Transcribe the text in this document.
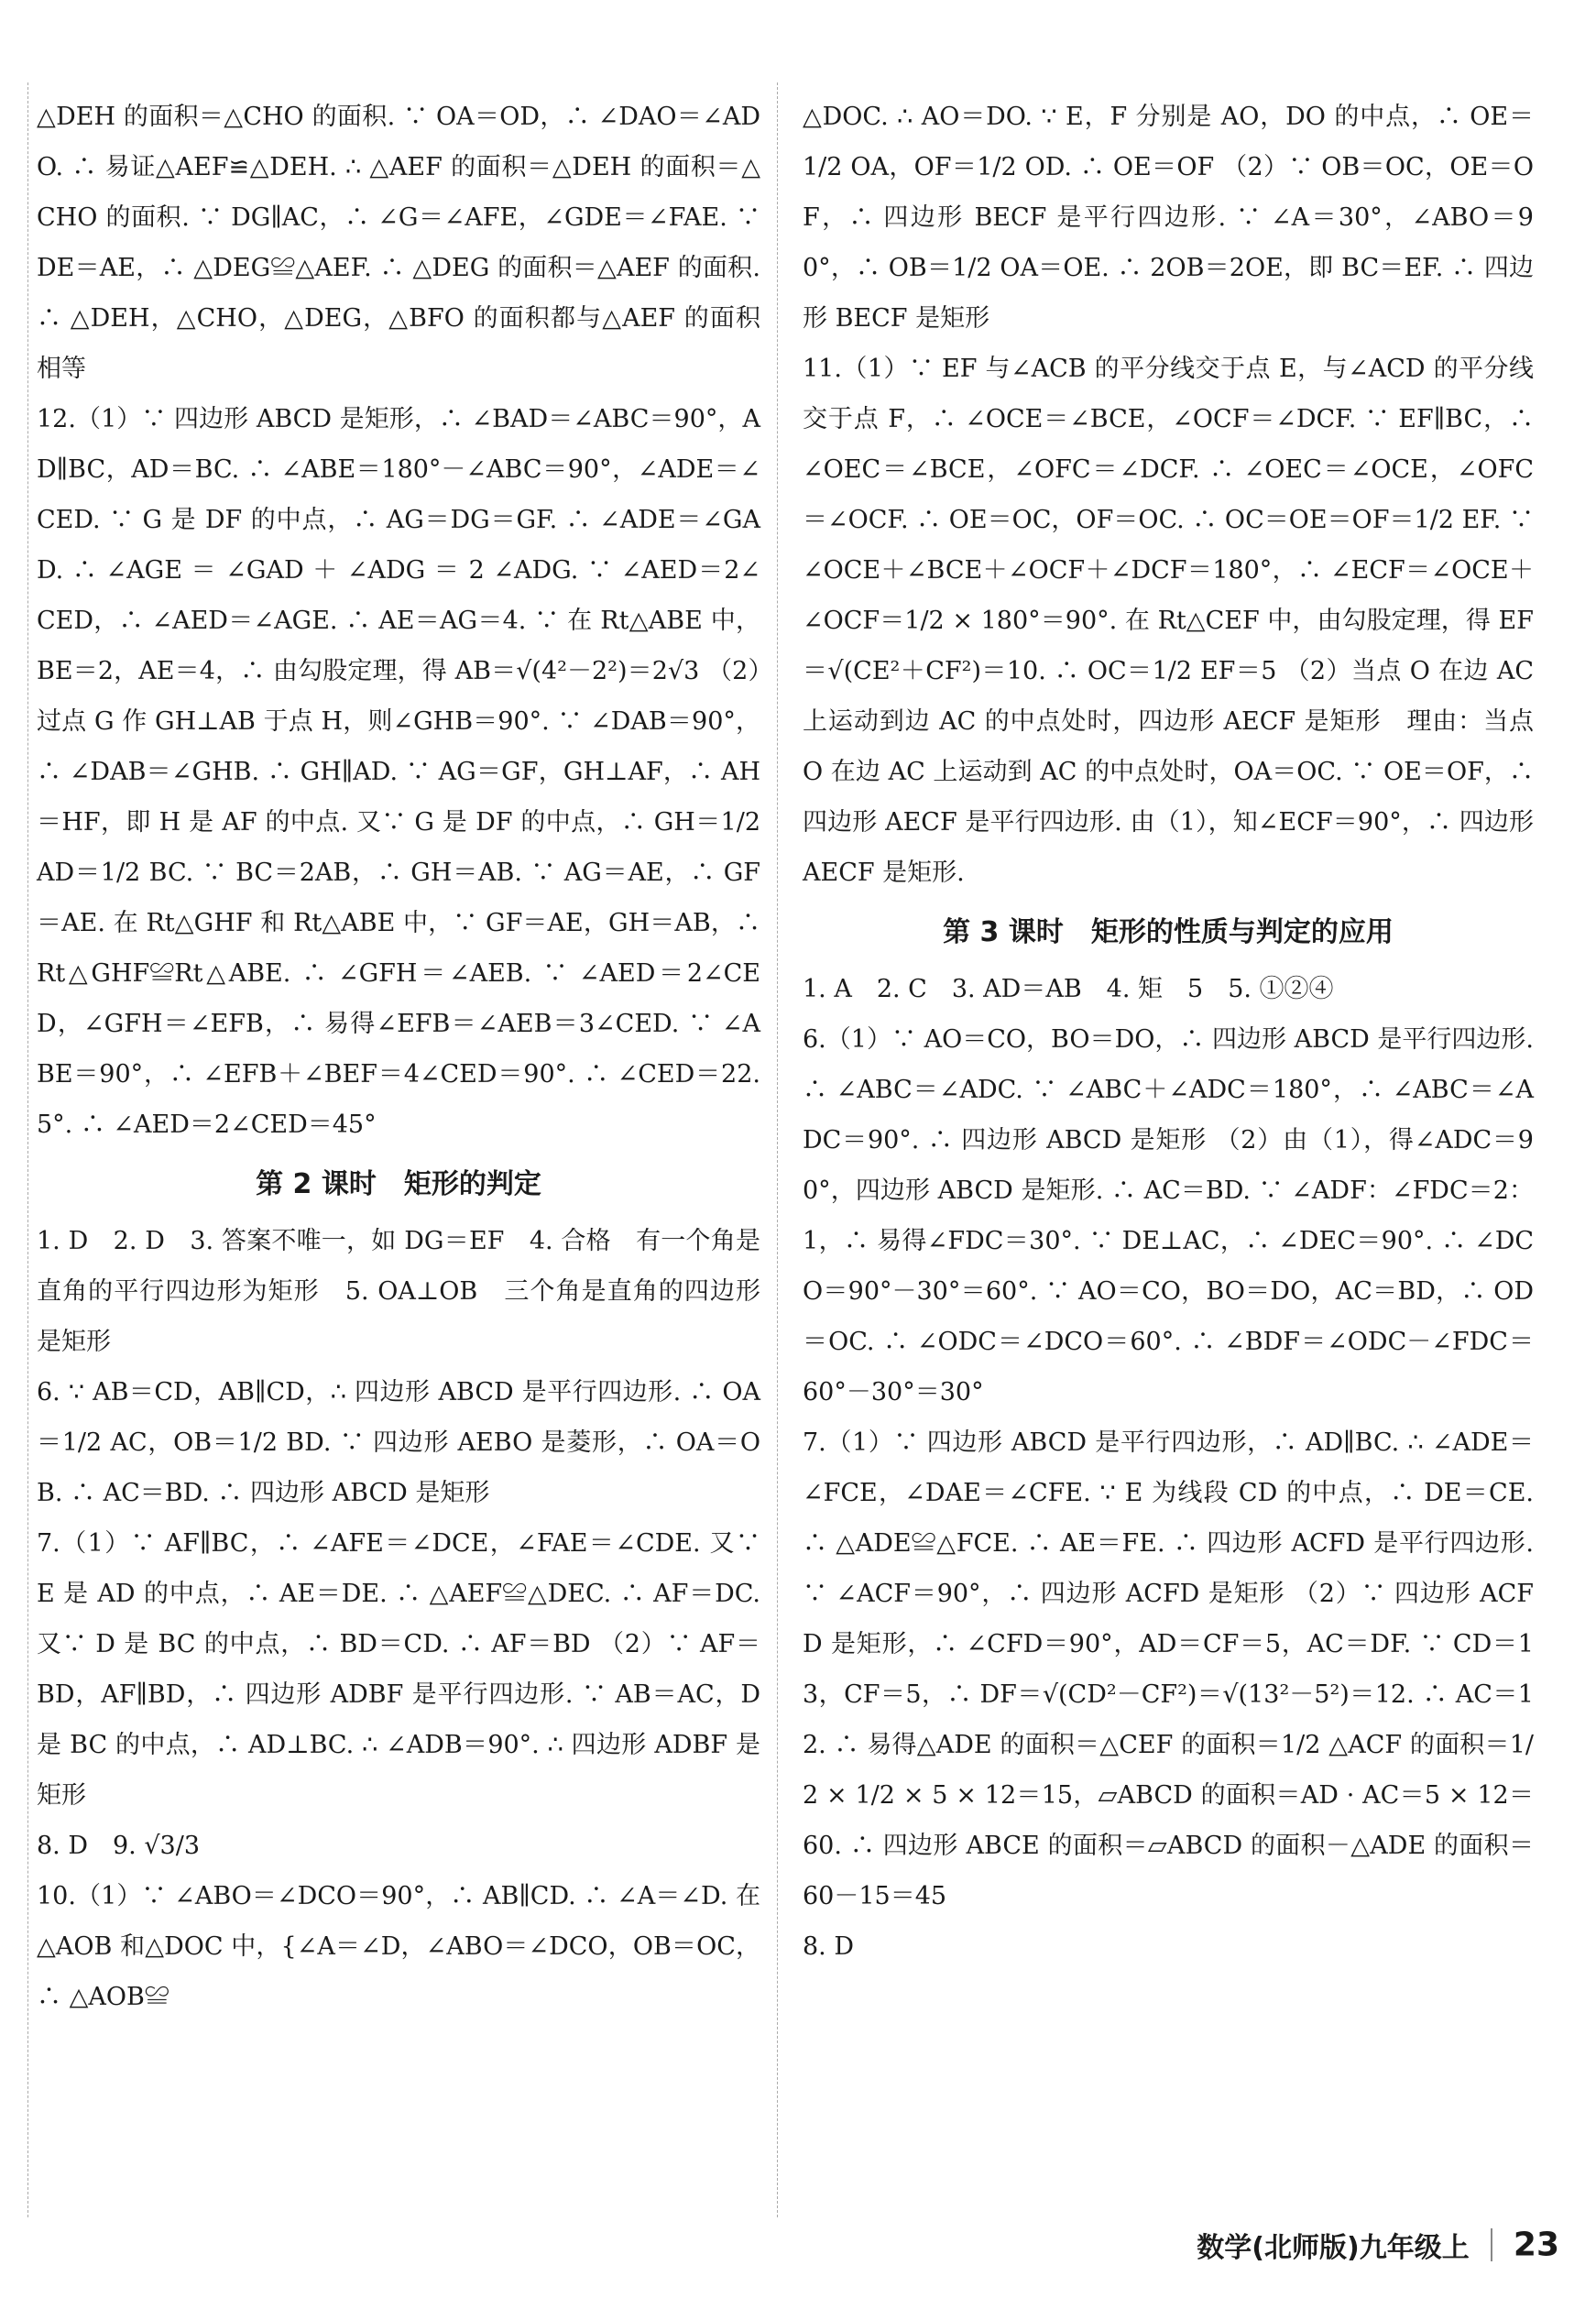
△DEH 的面积＝△CHO 的面积. ∵ OA＝OD，∴ ∠DAO＝∠ADO. ∴ 易证△AEF≌△DEH. ∴ △AEF 的面积＝△DEH 的面积＝△CHO 的面积. ∵ DG∥AC，∴ ∠G＝∠AFE，∠GDE＝∠FAE. ∵ DE＝AE，∴ △DEG≌△AEF. ∴ △DEG 的面积＝△AEF 的面积. ∴ △DEH，△CHO，△DEG，△BFO 的面积都与△AEF 的面积相等
12.（1）∵ 四边形 ABCD 是矩形，∴ ∠BAD＝∠ABC＝90°，AD∥BC，AD＝BC. ∴ ∠ABE＝180°－∠ABC＝90°，∠ADE＝∠CED. ∵ G 是 DF 的中点，∴ AG＝DG＝GF. ∴ ∠ADE＝∠GAD. ∴ ∠AGE ＝ ∠GAD ＋ ∠ADG ＝ 2 ∠ADG. ∵ ∠AED＝2∠CED，∴ ∠AED＝∠AGE. ∴ AE＝AG＝4. ∵ 在 Rt△ABE 中，BE＝2，AE＝4，∴ 由勾股定理，得 AB＝√(4²－2²)＝2√3 （2）过点 G 作 GH⊥AB 于点 H，则∠GHB＝90°. ∵ ∠DAB＝90°，∴ ∠DAB＝∠GHB. ∴ GH∥AD. ∵ AG＝GF，GH⊥AF，∴ AH＝HF，即 H 是 AF 的中点. 又∵ G 是 DF 的中点，∴ GH＝1/2 AD＝1/2 BC. ∵ BC＝2AB，∴ GH＝AB. ∵ AG＝AE，∴ GF＝AE. 在 Rt△GHF 和 Rt△ABE 中，∵ GF＝AE，GH＝AB，∴ Rt△GHF≌Rt△ABE. ∴ ∠GFH＝∠AEB. ∵ ∠AED＝2∠CED，∠GFH＝∠EFB，∴ 易得∠EFB＝∠AEB＝3∠CED. ∵ ∠ABE＝90°，∴ ∠EFB＋∠BEF＝4∠CED＝90°. ∴ ∠CED＝22.5°. ∴ ∠AED＝2∠CED＝45°
第 2 课时　矩形的判定
1. D　2. D　3. 答案不唯一，如 DG＝EF　4. 合格　有一个角是直角的平行四边形为矩形　5. OA⊥OB　三个角是直角的四边形是矩形
6. ∵ AB＝CD，AB∥CD，∴ 四边形 ABCD 是平行四边形. ∴ OA＝1/2 AC，OB＝1/2 BD. ∵ 四边形 AEBO 是菱形，∴ OA＝OB. ∴ AC＝BD. ∴ 四边形 ABCD 是矩形
7.（1）∵ AF∥BC，∴ ∠AFE＝∠DCE，∠FAE＝∠CDE. 又∵ E 是 AD 的中点，∴ AE＝DE. ∴ △AEF≌△DEC. ∴ AF＝DC. 又∵ D 是 BC 的中点，∴ BD＝CD. ∴ AF＝BD （2）∵ AF＝BD，AF∥BD，∴ 四边形 ADBF 是平行四边形. ∵ AB＝AC，D 是 BC 的中点，∴ AD⊥BC. ∴ ∠ADB＝90°. ∴ 四边形 ADBF 是矩形
8. D　9. √3/3
10.（1）∵ ∠ABO＝∠DCO＝90°，∴ AB∥CD. ∴ ∠A＝∠D. 在△AOB 和△DOC 中，{∠A＝∠D，∠ABO＝∠DCO，OB＝OC，∴ △AOB≌
△DOC. ∴ AO＝DO. ∵ E，F 分别是 AO，DO 的中点，∴ OE＝1/2 OA，OF＝1/2 OD. ∴ OE＝OF （2）∵ OB＝OC，OE＝OF，∴ 四边形 BECF 是平行四边形. ∵ ∠A＝30°，∠ABO＝90°，∴ OB＝1/2 OA＝OE. ∴ 2OB＝2OE，即 BC＝EF. ∴ 四边形 BECF 是矩形
11.（1）∵ EF 与∠ACB 的平分线交于点 E，与∠ACD 的平分线交于点 F，∴ ∠OCE＝∠BCE，∠OCF＝∠DCF. ∵ EF∥BC，∴ ∠OEC＝∠BCE，∠OFC＝∠DCF. ∴ ∠OEC＝∠OCE，∠OFC＝∠OCF. ∴ OE＝OC，OF＝OC. ∴ OC＝OE＝OF＝1/2 EF. ∵ ∠OCE＋∠BCE＋∠OCF＋∠DCF＝180°，∴ ∠ECF＝∠OCE＋∠OCF＝1/2 × 180°＝90°. 在 Rt△CEF 中，由勾股定理，得 EF＝√(CE²＋CF²)＝10. ∴ OC＝1/2 EF＝5 （2）当点 O 在边 AC 上运动到边 AC 的中点处时，四边形 AECF 是矩形　理由：当点 O 在边 AC 上运动到 AC 的中点处时，OA＝OC. ∵ OE＝OF，∴ 四边形 AECF 是平行四边形. 由（1），知∠ECF＝90°，∴ 四边形 AECF 是矩形.
第 3 课时　矩形的性质与判定的应用
1. A　2. C　3. AD＝AB　4. 矩　5　5. ①②④
6.（1）∵ AO＝CO，BO＝DO，∴ 四边形 ABCD 是平行四边形. ∴ ∠ABC＝∠ADC. ∵ ∠ABC＋∠ADC＝180°，∴ ∠ABC＝∠ADC＝90°. ∴ 四边形 ABCD 是矩形 （2）由（1），得∠ADC＝90°，四边形 ABCD 是矩形. ∴ AC＝BD. ∵ ∠ADF：∠FDC＝2：1，∴ 易得∠FDC＝30°. ∵ DE⊥AC，∴ ∠DEC＝90°. ∴ ∠DCO＝90°－30°＝60°. ∵ AO＝CO，BO＝DO，AC＝BD，∴ OD＝OC. ∴ ∠ODC＝∠DCO＝60°. ∴ ∠BDF＝∠ODC－∠FDC＝60°－30°＝30°
7.（1）∵ 四边形 ABCD 是平行四边形，∴ AD∥BC. ∴ ∠ADE＝∠FCE，∠DAE＝∠CFE. ∵ E 为线段 CD 的中点，∴ DE＝CE. ∴ △ADE≌△FCE. ∴ AE＝FE. ∴ 四边形 ACFD 是平行四边形. ∵ ∠ACF＝90°，∴ 四边形 ACFD 是矩形 （2）∵ 四边形 ACFD 是矩形，∴ ∠CFD＝90°，AD＝CF＝5，AC＝DF. ∵ CD＝13，CF＝5，∴ DF＝√(CD²－CF²)＝√(13²－5²)＝12. ∴ AC＝12. ∴ 易得△ADE 的面积＝△CEF 的面积＝1/2 △ACF 的面积＝1/2 × 1/2 × 5 × 12＝15，▱ABCD 的面积＝AD · AC＝5 × 12＝60. ∴ 四边形 ABCE 的面积＝▱ABCD 的面积－△ADE 的面积＝60－15＝45
8. D
数学(北师版)九年级上 23
